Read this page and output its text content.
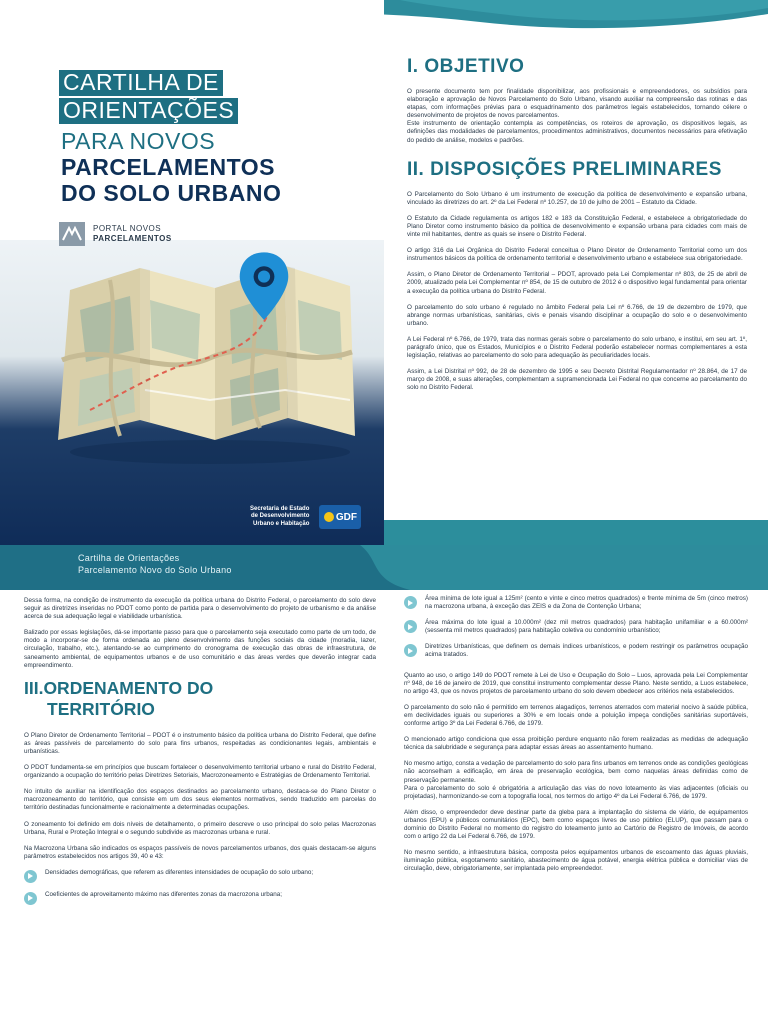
CARTILHA DE
ORIENTAÇÕES
PARA NOVOS
PARCELAMENTOS
DO SOLO URBANO
PORTAL NOVOS
PARCELAMENTOS
Secretaria de Estado
de Desenvolvimento
Urbano e Habitação
GDF
I. OBJETIVO

O presente documento tem por finalidade disponibilizar, aos profissionais e empreendedores, os subsídios para elaboração e aprovação de Novos Parcelamento do Solo Urbano, visando auxiliar na compreensão das rotinas e das etapas, com informações prévias para o esquadrinamento dos parâmetros legais estabelecidos, tornando célere o desenvolvimento de projetos de novos parcelamentos.

Este instrumento de orientação contempla as competências, os roteiros de aprovação, os dispositivos legais, as definições das modalidades de parcelamentos, procedimentos administrativos, documentos necessários para efetivação do pedido de análise, modelos e padrões.

II. DISPOSIÇÕES PRELIMINARES

O Parcelamento do Solo Urbano é um instrumento de execução da política de desenvolvimento e expansão urbana, vinculado às diretrizes do art. 2º da Lei Federal nº 10.257, de 10 de julho de 2001 – Estatuto da Cidade.

O Estatuto da Cidade regulamenta os artigos 182 e 183 da Constituição Federal, e estabelece a obrigatoriedade do Plano Diretor como instrumento básico da política de desenvolvimento e expansão urbana para cidades com mais de vinte mil habitantes, dentre as quais se insere o Distrito Federal.

O artigo 316 da Lei Orgânica do Distrito Federal conceitua o Plano Diretor de Ordenamento Territorial como um dos instrumentos básicos da política de ordenamento territorial e desenvolvimento urbano e estabelece sua obrigatoriedade.

Assim, o Plano Diretor de Ordenamento Territorial – PDOT, aprovado pela Lei Complementar nº 803, de 25 de abril de 2009, atualizado pela Lei Complementar nº 854, de 15 de outubro de 2012 é o dispositivo legal fundamental para orientar a execução da política urbana do Distrito Federal.

O parcelamento do solo urbano é regulado no âmbito Federal pela Lei nº 6.766, de 19 de dezembro de 1979, que abrange normas urbanísticas, sanitárias, civis e penais visando disciplinar a ocupação do solo e o desenvolvimento urbano.

A Lei Federal nº 6.766, de 1979, trata das normas gerais sobre o parcelamento do solo urbano, e institui, em seu art. 1º, parágrafo único, que os Estados, Municípios e o Distrito Federal poderão estabelecer normas complementares a esta legislação, relativas ao parcelamento do solo para adequação às peculiaridades locais.

Assim, a Lei Distrital nº 992, de 28 de dezembro de 1995 e seu Decreto Distrital Regulamentador nº 28.864, de 17 de março de 2008, e suas alterações, complementam a supramencionada Lei Federal no que concerne ao parcelamento do solo no Distrito Federal.

Cartilha de Orientações
Parcelamento Novo do Solo Urbano

Dessa forma, na condição de instrumento da execução da política urbana do Distrito Federal, o parcelamento do solo deve seguir as diretrizes inseridas no PDOT como ponto de partida para o desenvolvimento do projeto de urbanismo e da análise acerca de sua adequação legal e viabilidade urbanística.

Balizado por essas legislações, dá-se importante passo para que o parcelamento seja executado como parte de um todo, de modo a incorporar-se de forma ordenada ao pleno desenvolvimento das funções sociais da cidade (moradia, lazer, circulação, trabalho, etc.), atentando-se ao cumprimento do cronograma de execução das obras de infraestrutura, de saneamento ambiental, de equipamentos urbanos e de uso comunitário e das áreas verdes que deverão integrar cada empreendimento.

III.ORDENAMENTO DO
TERRITÓRIO

O Plano Diretor de Ordenamento Territorial – PDOT é o instrumento básico da política urbana do Distrito Federal, que define as áreas passíveis de parcelamento do solo para fins urbanos, respeitadas as condicionantes legais, ambientais e urbanísticas.

O PDOT fundamenta-se em princípios que buscam fortalecer o desenvolvimento territorial urbano e rural do Distrito Federal, organizando a ocupação do território pelas Diretrizes Setoriais, Macrozoneamento e Estratégias de Ordenamento Territorial.

No intuito de auxiliar na identificação dos espaços destinados ao parcelamento urbano, destaca-se do Plano Diretor o macrozoneamento do território, que consiste em um dos seus elementos normativos, sendo traduzido em parcelas do território destinadas funcionalmente e racionalmente a determinadas ocupações.

O zoneamento foi definido em dois níveis de detalhamento, o primeiro descreve o uso principal do solo pelas Macrozonas Urbana, Rural e Proteção Integral e o segundo subdivide as macrozonas urbana e rural.

Na Macrozona Urbana são indicados os espaços passíveis de novos parcelamentos urbanos, dos quais destacam-se alguns parâmetros estabelecidos nos artigos 39, 40 e 43:

Densidades demográficas, que referem as diferentes intensidades de ocupação do solo urbano;

Coeficientes de aproveitamento máximo nas diferentes zonas da macrozona urbana;

Área mínima de lote igual a 125m² (cento e vinte e cinco metros quadrados) e frente mínima de 5m (cinco metros) na macrozona urbana, à exceção das ZEIS e da Zona de Contenção Urbana;

Área máxima do lote igual a 10.000m² (dez mil metros quadrados) para habitação unifamiliar e a 60.000m² (sessenta mil metros quadrados) para habitação coletiva ou condomínio urbanístico;

Diretrizes Urbanísticas, que definem os demais índices urbanísticos, e podem restringir os parâmetros ocupação acima tratados.

Quanto ao uso, o artigo 149 do PDOT remete à Lei de Uso e Ocupação do Solo – Luos, aprovada pela Lei Complementar nº 948, de 16 de janeiro de 2019, que constitui instrumento complementar desse Plano. Neste sentido, a Luos estabelece, no artigo 43, que os novos projetos de parcelamento urbano do solo devem obedecer aos critérios nela estabelecidos.

O parcelamento do solo não é permitido em terrenos alagadiços, terrenos aterrados com material nocivo à saúde pública, em declividades iguais ou superiores a 30% e em locais onde a poluição impeça condições sanitárias suportáveis, conforme artigo 3º da Lei Federal 6.766, de 1979.

O mencionado artigo condiciona que essa proibição perdure enquanto não forem realizadas as medidas de adequação técnica da salubridade e segurança para adaptar essas áreas ao assentamento humano.

No mesmo artigo, consta a vedação de parcelamento do solo para fins urbanos em terrenos onde as condições geológicas não aconselham a edificação, em área de preservação ecológica, bem como naquelas áreas definidas como de preservação permanente.

Para o parcelamento do solo é obrigatória a articulação das vias do novo loteamento às vias adjacentes (oficiais ou projetadas), harmonizando-se com a topografia local, nos termos do artigo 4º da Lei Federal 6.766, de 1979.

Além disso, o empreendedor deve destinar parte da gleba para a implantação do sistema de viário, de equipamentos urbanos (EPU) e públicos comunitários (EPC), bem como espaços livres de uso público (ELUP), que passam para o domínio do Distrito Federal no momento do registro do loteamento junto ao Cartório de Registro de Imóveis, de acordo com o artigo 22 da Lei Federal 6.766, de 1979.

No mesmo sentido, a infraestrutura básica, composta pelos equipamentos urbanos de escoamento das águas pluviais, iluminação pública, esgotamento sanitário, abastecimento de água potável, energia elétrica pública e domiciliar vias de circulação, deve, obrigatoriamente, ser implantada pelo empreendedor.
